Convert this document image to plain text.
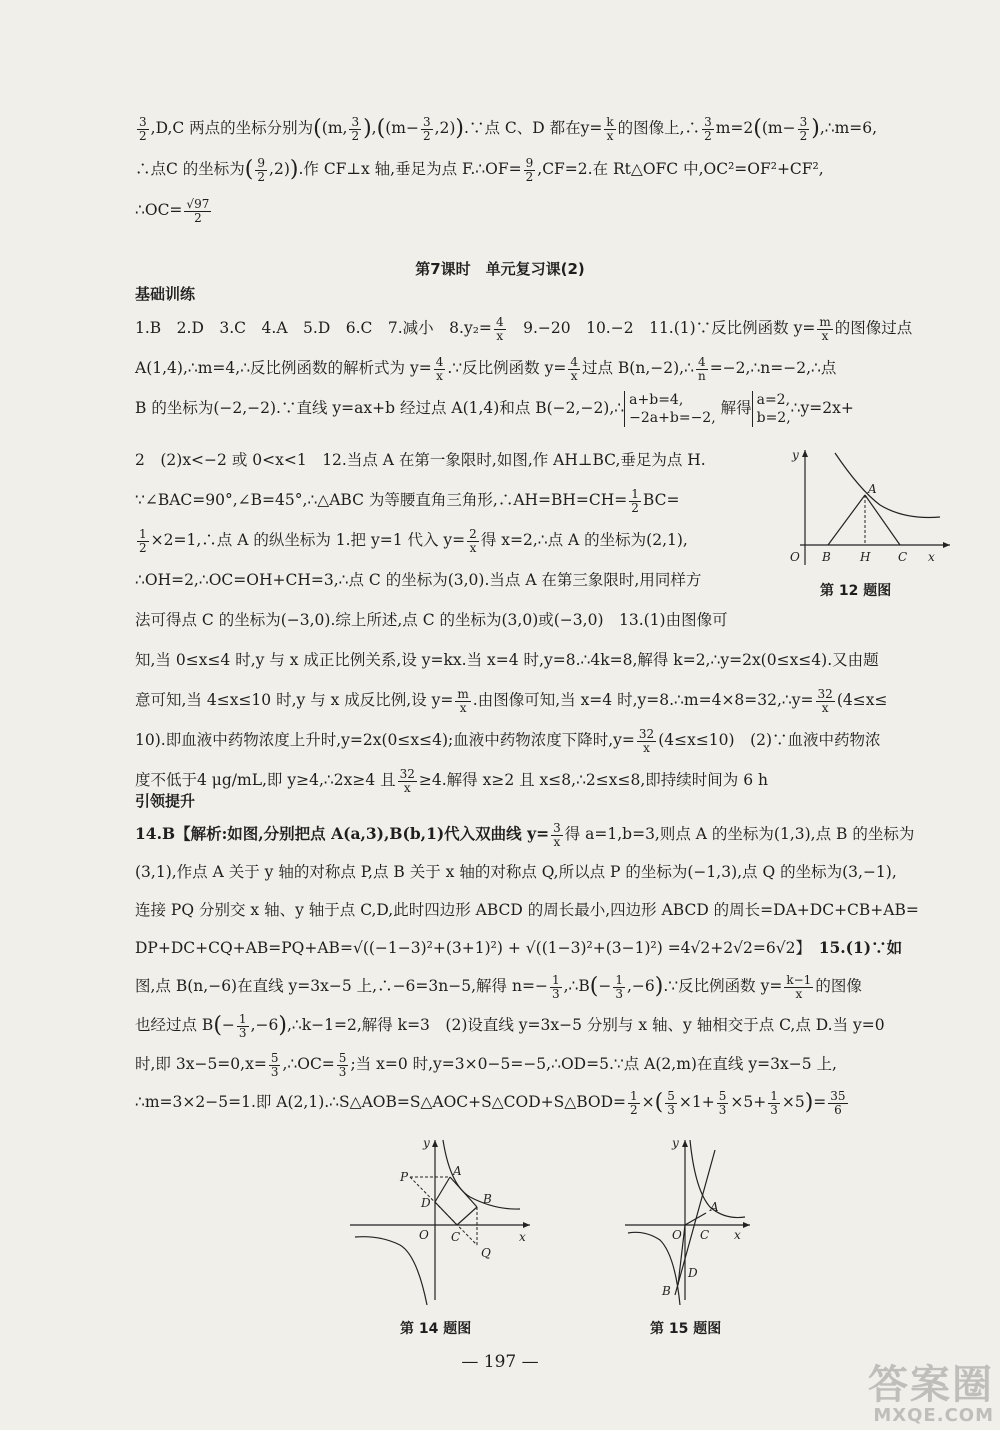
$\frac{3}{2} ,D,C$ 两点的坐标分别为((m, $\frac{3}{2} ),((m- \frac{3}{2}$ ,2)).∵点 C、D 都在$y= \frac{k}{x}$ 的图像上,∴ $\frac{3}{2} m=2((m- \frac{3}{2}$ ),∴m=6,

∴点C 的坐标为( $\frac{9}{2} ,2$)).作 CF⊥x 轴,垂足为点 F.∴OF= $\frac{9}{2} ,CF=2$.在 Rt△OFC 中,OC²=OF²+CF²,

∴OC= $\frac{√97}{2}$

第7课时　单元复习课(2)
基础训练

1.B　2.D　3.C　4.A　5.D　6.C　7.减小　$8.y_2= \frac{4}{x}$ 　9.−20　10.−2　11.(1)∵反比例函数 $y= \frac{m}{x}$ 的图像过点

A(1,4),∴m=4,∴反比例函数的解析式为 $y= \frac{4}{x}$ .∵反比例函数 $y= \frac{4}{x}$ 过点 B(n,−2),∴ $\frac{4}{n}$ =−2,∴n=−2,∴点

B 的坐标为(−2,−2).∵直线 y=ax+b 经过点 A(1,4)和点 B(−2,−2),∴ a+b=4,
−2a+b=−2,
解得 a=2,
b=2,
∴y=2x+

2　(2)x<−2 或 0<x<1　12.当点 A 在第一象限时,如图,作 AH⊥BC,垂足为点 H.

∵∠BAC=90°,∠B=45°,∴△ABC 为等腰直角三角形,∴AH=BH=CH= $\frac{1}{2} BC=$

$\frac{1}{2}$ ×2=1,∴点 A 的纵坐标为 1.把 y=1 代入 $y= \frac{2}{x}$ 得 x=2,∴点 A 的坐标为(2,1),

∴OH=2,∴OC=OH+CH=3,∴点 C 的坐标为(3,0).当点 A 在第三象限时,用同样方

y
A
O B H C x
第 12 题图

法可得点 C 的坐标为(−3,0).综上所述,点 C 的坐标为(3,0)或(−3,0)　13.(1)由图像可

知,当 0≤x≤4 时,y 与 x 成正比例关系,设 y=kx.当 x=4 时,y=8.∴4k=8,解得 k=2,∴y=2x(0≤x≤4).又由题

意可知,当 4≤x≤10 时,y 与 x 成反比例,设 $y= \frac{m}{x}$ .由图像可知,当 x=4 时,y=8.∴m=4×8=32,∴y= $\frac{32}{x} (4\le x\le$

10).即血液中药物浓度上升时,y=2x(0≤x≤4);血液中药物浓度下降时$,y= \frac{32}{x} (4\le x\le 10)$　(2)∵血液中药物浓

度不低于4 μg/mL,即 y≥4,∴2x≥4 且 $\frac{32}{x} \ge 4$.解得 x≥2 且 x≤8,∴2≤x≤8,即持续时间为 6 h

引领提升

14.B【解析:如图,分别把点 A(a,3),B(b,1)代入双曲线 $y= \frac{3}{x}$ 得 a=1,b=3,则点 A 的坐标为(1,3),点 B 的坐标为

(3,1),作点 A 关于 y 轴的对称点 P,点 B 关于 x 轴的对称点 Q,所以点 P 的坐标为(−1,3),点 Q 的坐标为(3,−1),

连接 PQ 分别交 x 轴、y 轴于点 C,D,此时四边形 ABCD 的周长最小,四边形 ABCD 的周长=DA+DC+CB+AB=

DP+DC+CQ+AB=PQ+AB=√((−1−3)²+(3+1)²) + √((1−3)²+(3−1)²) =4√2+2√2=6√2】　15.(1)∵如

图,点 B(n,−6)在直线 y=3x−5 上,∴−6=3n−5,解得 $n=- \frac{1}{3}$ ,∴B(− $\frac{1}{3}$ ,−6).∵反比例函数 $y= \frac{k-1}{x}$ 的图像

也经过点 $B(- \frac{1}{3}$ ,−6),∴k−1=2,解得 k=3　(2)设直线 y=3x−5 分别与 x 轴、y 轴相交于点 C,点 D.当 y=0

时,即 $3x-5=0,x= \frac{5}{3}$ ,∴OC= $\frac{5}{3}$ ;当 x=0 时,y=3×0−5=−5,∴OD=5.∵点 A(2,m)在直线 y=3x−5 上,

∴m=3×2−5=1.即 A(2,1).∴S△AOB=S△AOC+S△COD+S△BOD= $\frac{1}{2}$ ×( $\frac{5}{3} \times 1+ \frac{5}{3} \times 5+ \frac{1}{3} \times 5)= \frac{35}{6}$

y
P	A
D	B
O C	x
Q
第 14 题图
y
A
O C x
B
D
第 15 题图
— 197 —	答案圈
MXQE.COM
